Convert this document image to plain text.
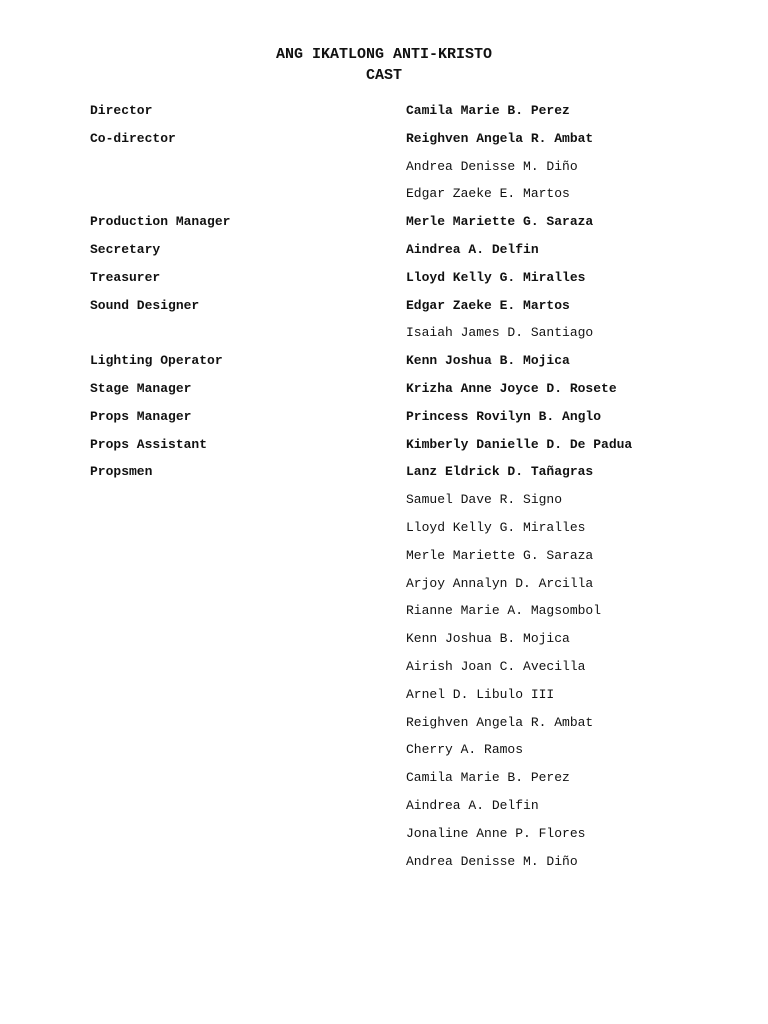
ANG IKATLONG ANTI-KRISTO
CAST
Director	Camila Marie B. Perez
Co-director	Reighven Angela R. Ambat
Andrea Denisse M. Diño
Edgar Zaeke E. Martos
Production Manager	Merle Mariette G. Saraza
Secretary	Aindrea A. Delfin
Treasurer	Lloyd Kelly G. Miralles
Sound Designer	Edgar Zaeke E. Martos
Isaiah James D. Santiago
Lighting Operator	Kenn Joshua B. Mojica
Stage Manager	Krizha Anne Joyce D. Rosete
Props Manager	Princess Rovilyn B. Anglo
Props Assistant	Kimberly Danielle D. De Padua
Propsmen	Lanz Eldrick D. Tañagras
Samuel Dave R. Signo
Lloyd Kelly G. Miralles
Merle Mariette G. Saraza
Arjoy Annalyn D. Arcilla
Rianne Marie A. Magsombol
Kenn Joshua B. Mojica
Airish Joan C. Avecilla
Arnel D. Libulo III
Reighven Angela R. Ambat
Cherry A. Ramos
Camila Marie B. Perez
Aindrea A. Delfin
Jonaline Anne P. Flores
Andrea Denisse M. Diño
